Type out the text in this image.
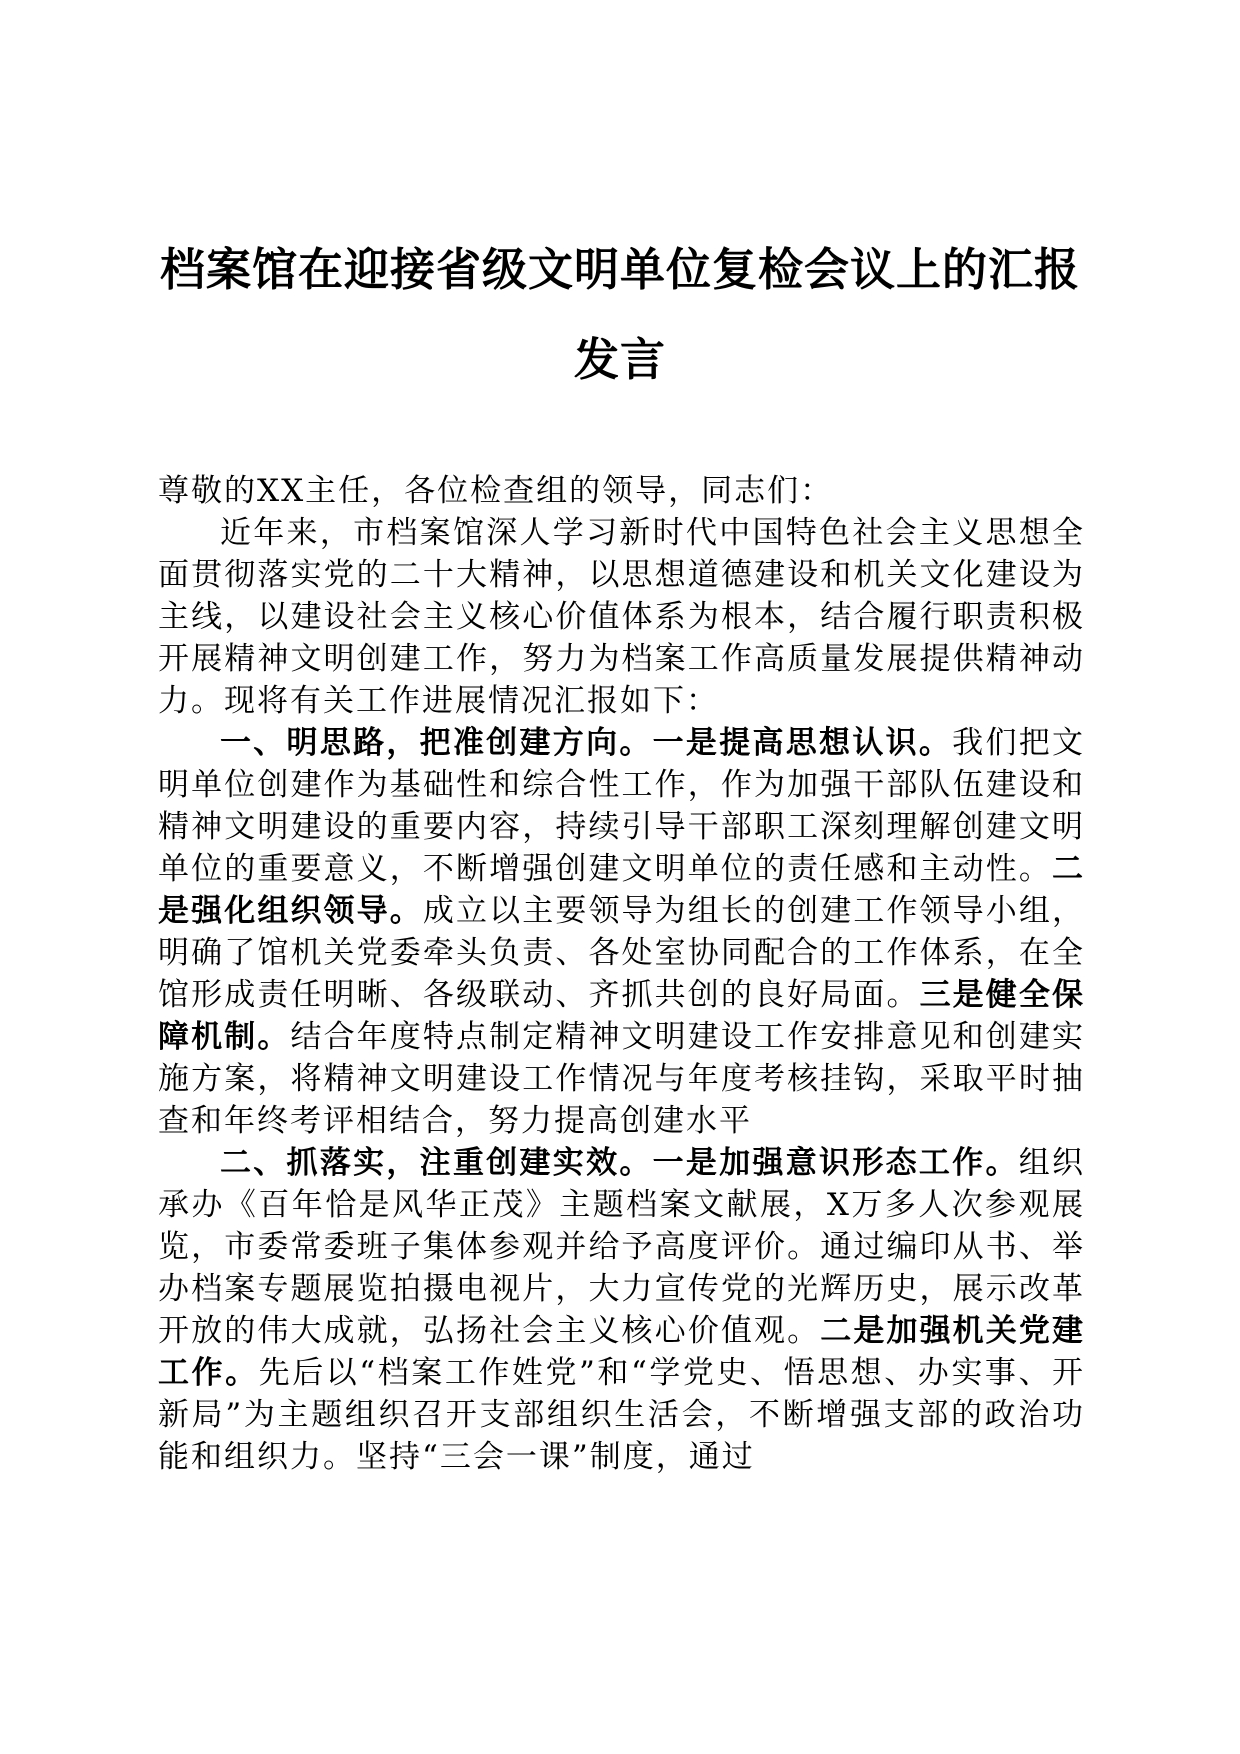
档案馆在迎接省级文明单位复检会议上的汇报发言

尊敬的XX主任，各位检查组的领导，同志们：

近年来，市档案馆深人学习新时代中国特色社会主义思想全面贯彻落实党的二十大精神，以思想道德建设和机关文化建设为主线，以建设社会主义核心价值体系为根本，结合履行职责积极开展精神文明创建工作，努力为档案工作高质量发展提供精神动力。现将有关工作进展情况汇报如下：

一、明思路，把准创建方向。一是提高思想认识。我们把文明单位创建作为基础性和综合性工作，作为加强干部队伍建设和精神文明建设的重要内容，持续引导干部职工深刻理解创建文明单位的重要意义，不断增强创建文明单位的责任感和主动性。二是强化组织领导。成立以主要领导为组长的创建工作领导小组，明确了馆机关党委牵头负责、各处室协同配合的工作体系，在全馆形成责任明晰、各级联动、齐抓共创的良好局面。三是健全保障机制。结合年度特点制定精神文明建设工作安排意见和创建实施方案，将精神文明建设工作情况与年度考核挂钩，采取平时抽查和年终考评相结合，努力提高创建水平

二、抓落实，注重创建实效。一是加强意识形态工作。组织承办《百年恰是风华正茂》主题档案文献展，X万多人次参观展览，市委常委班子集体参观并给予高度评价。通过编印从书、举办档案专题展览拍摄电视片，大力宣传党的光辉历史，展示改革开放的伟大成就，弘扬社会主义核心价值观。二是加强机关党建工作。先后以“档案工作姓党”和“学党史、悟思想、办实事、开新局”为主题组织召开支部组织生活会，不断增强支部的政治功能和组织力。坚持“三会一课”制度，通过
